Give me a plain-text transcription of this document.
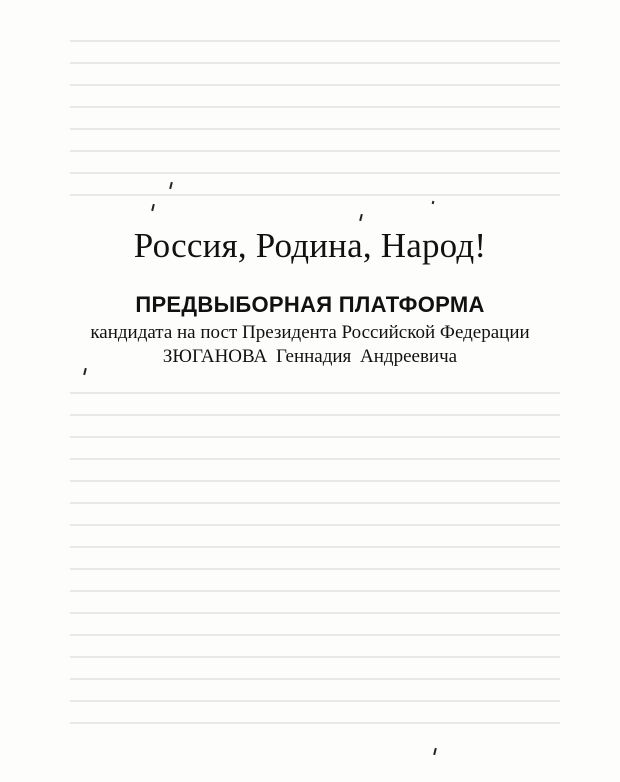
Россия, Родина, Народ!
ПРЕДВЫБОРНАЯ ПЛАТФОРМА

кандидата на пост Президента Российской Федерации

ЗЮГАНОВА Геннадия Андреевича
